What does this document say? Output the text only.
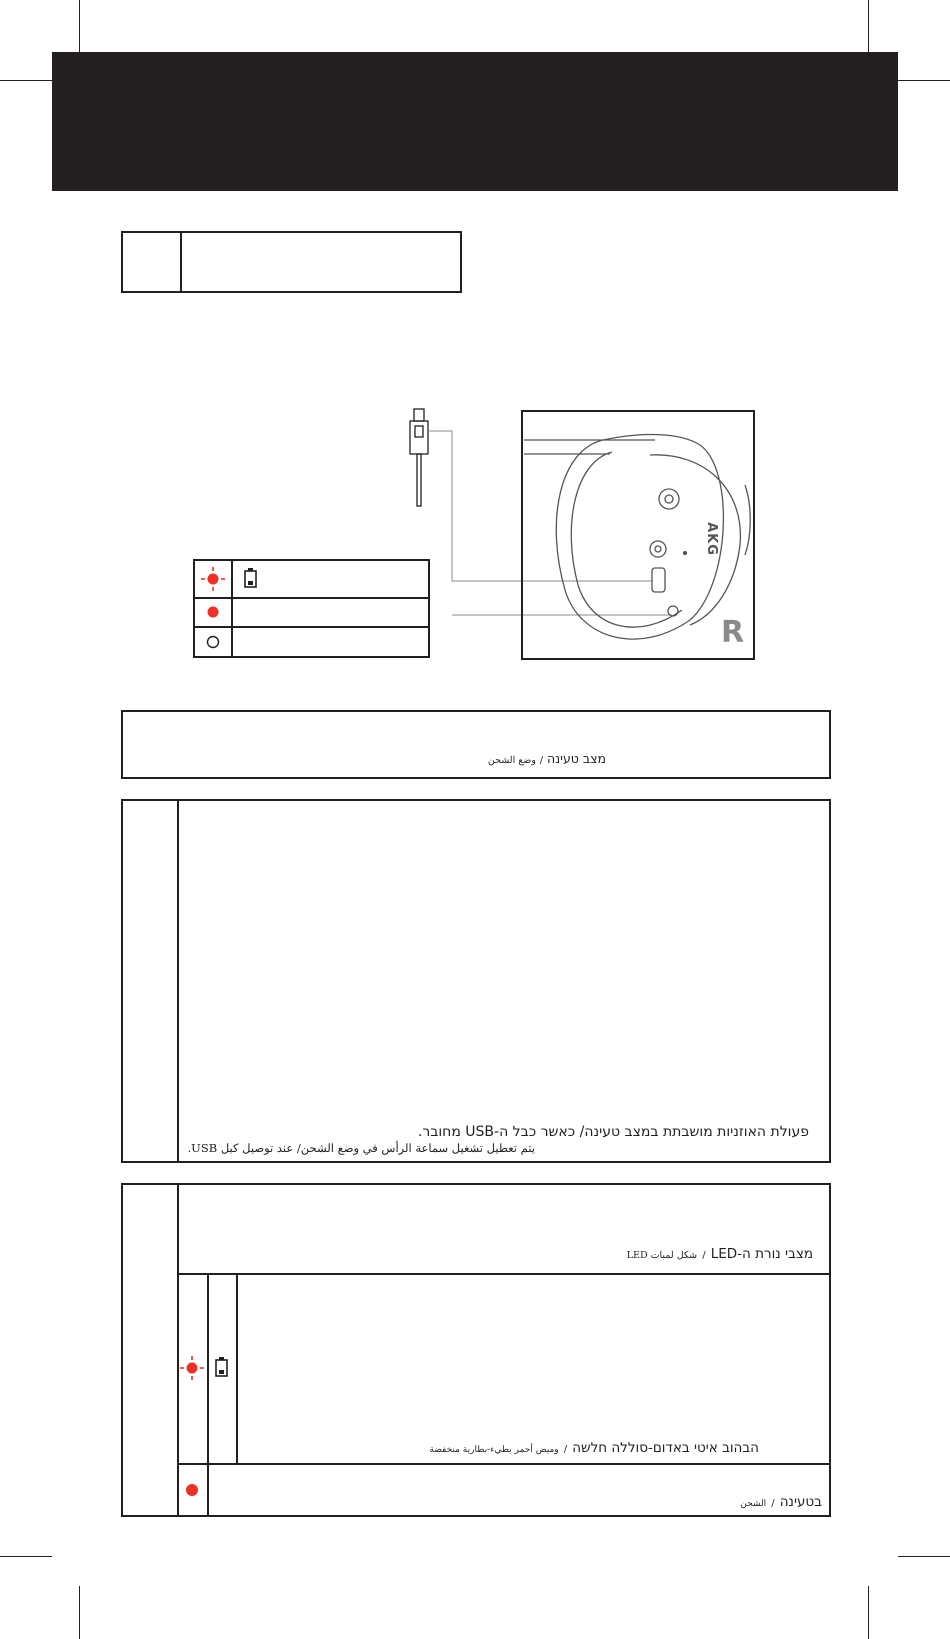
R
AKG
מצב טעינה / وضع الشحن
פעולת האוזניות מושבתת במצב טעינה/ כאשר כבל ה-USB מחובר.
يتم تعطيل تشغيل سماعة الرأس في وضع الشحن/ عند توصيل كبل USB.
מצבי נורת ה-LED / شكل لمبات LED
הבהוב איטי באדום-סוללה חלשה / وميض أحمر بطيء-بطارية منخفضة
בטעינה / الشحن
